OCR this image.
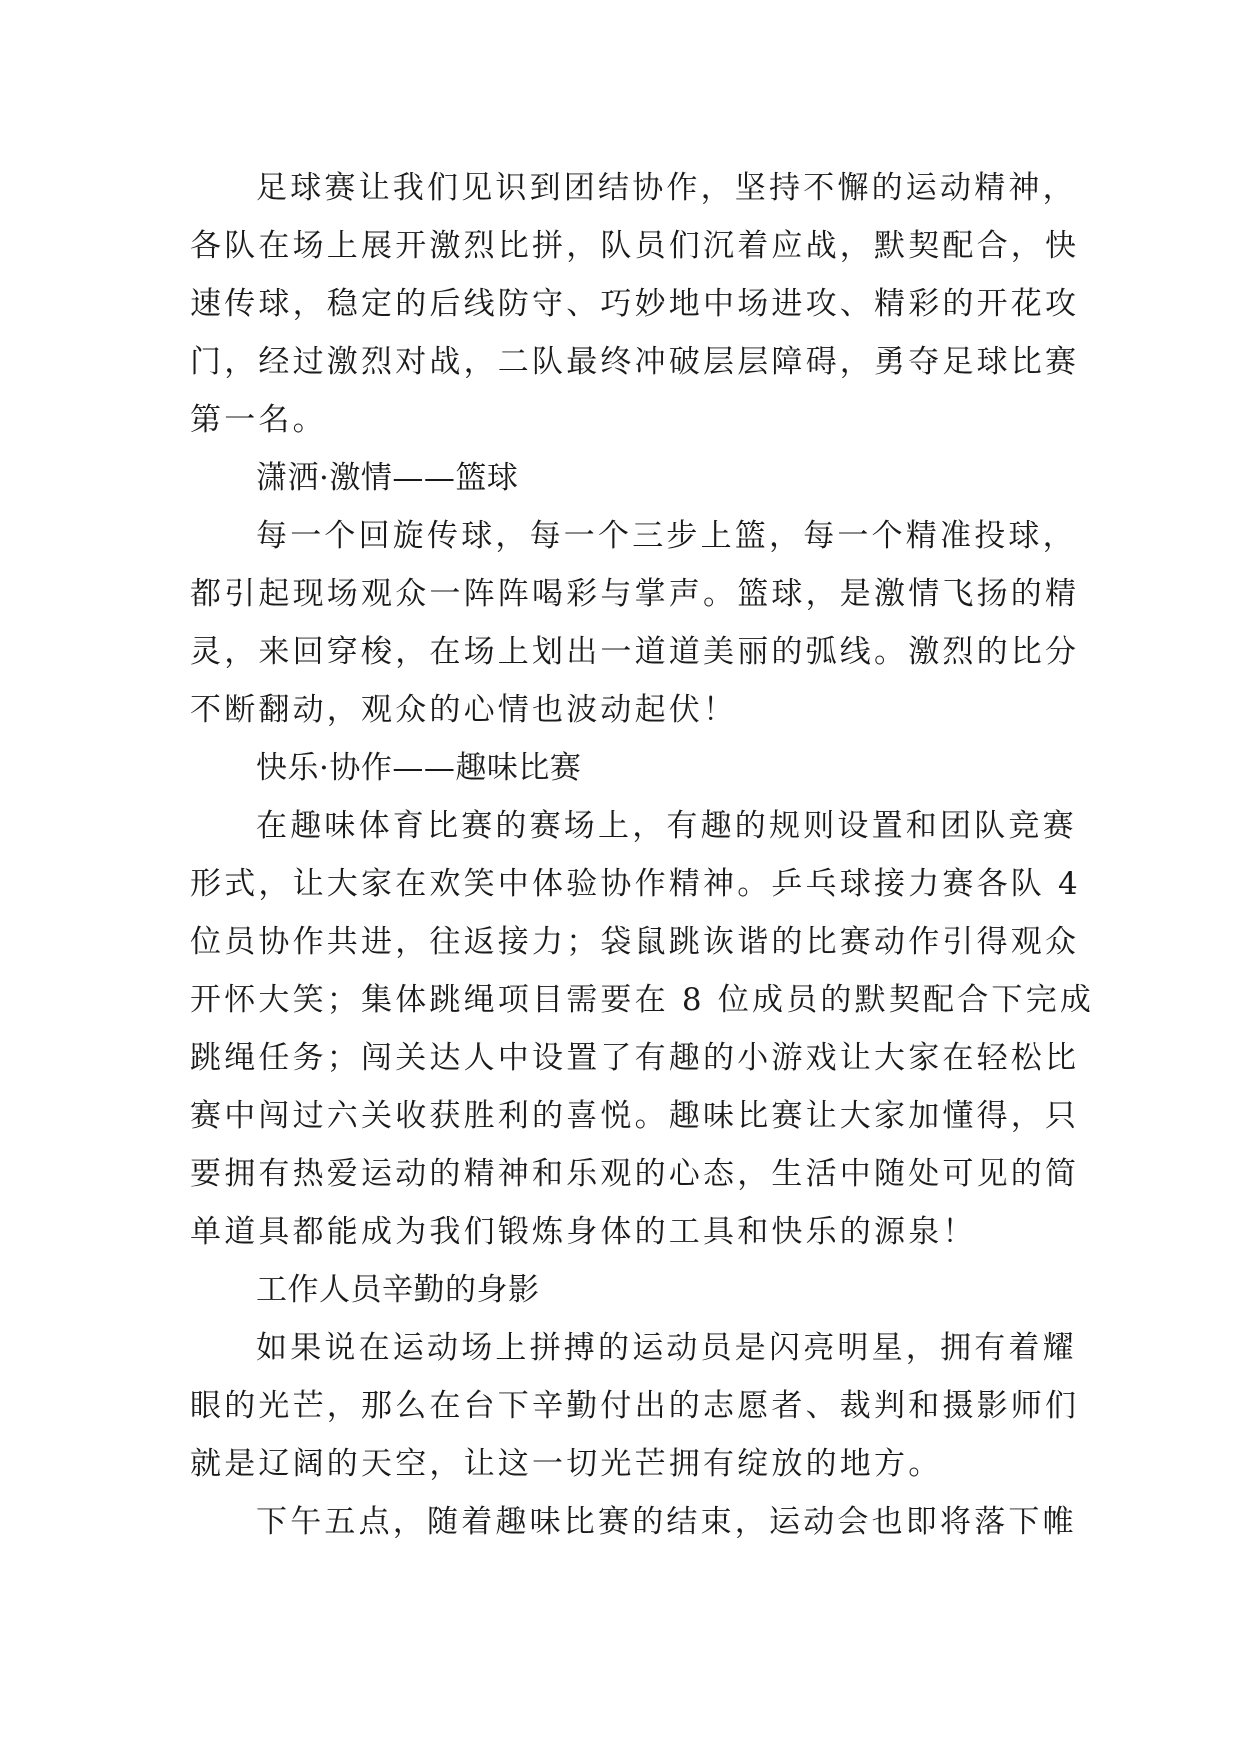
足球赛让我们见识到团结协作，坚持不懈的运动精神，
各队在场上展开激烈比拼，队员们沉着应战，默契配合，快
速传球，稳定的后线防守、巧妙地中场进攻、精彩的开花攻
门，经过激烈对战，二队最终冲破层层障碍，勇夺足球比赛
第一名。
潇洒·激情——篮球
每一个回旋传球，每一个三步上篮，每一个精准投球，
都引起现场观众一阵阵喝彩与掌声。篮球，是激情飞扬的精
灵，来回穿梭，在场上划出一道道美丽的弧线。激烈的比分
不断翻动，观众的心情也波动起伏！
快乐·协作——趣味比赛
在趣味体育比赛的赛场上，有趣的规则设置和团队竞赛
形式，让大家在欢笑中体验协作精神。乒乓球接力赛各队 4
位员协作共进，往返接力；袋鼠跳诙谐的比赛动作引得观众
开怀大笑；集体跳绳项目需要在 8 位成员的默契配合下完成
跳绳任务；闯关达人中设置了有趣的小游戏让大家在轻松比
赛中闯过六关收获胜利的喜悦。趣味比赛让大家加懂得，只
要拥有热爱运动的精神和乐观的心态，生活中随处可见的简
单道具都能成为我们锻炼身体的工具和快乐的源泉！
工作人员辛勤的身影
如果说在运动场上拼搏的运动员是闪亮明星，拥有着耀
眼的光芒，那么在台下辛勤付出的志愿者、裁判和摄影师们
就是辽阔的天空，让这一切光芒拥有绽放的地方。
下午五点，随着趣味比赛的结束，运动会也即将落下帷
